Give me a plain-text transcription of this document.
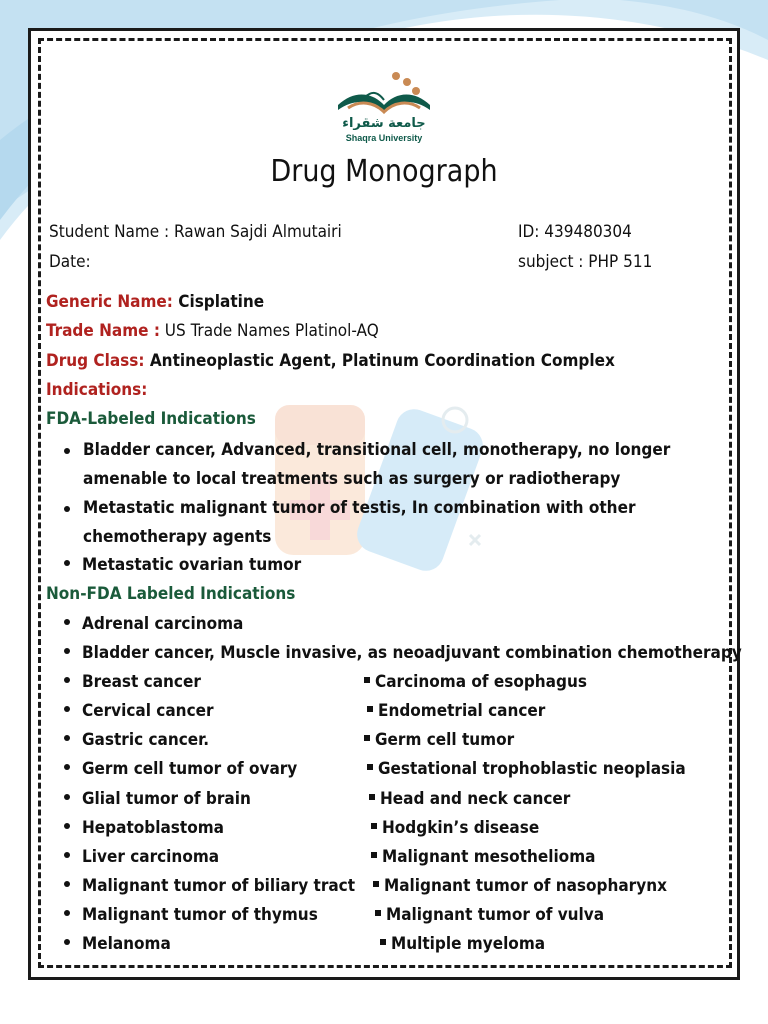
جامعة شقراء
Shaqra University
Drug Monograph
Student Name : Rawan Sajdi Almutairi	ID: 439480304
Date:	subject : PHP 511
Generic Name: Cisplatine
Trade Name : US Trade Names Platinol-AQ
Drug Class: Antineoplastic Agent, Platinum Coordination Complex
Indications:
FDA-Labeled Indications
Bladder cancer, Advanced, transitional cell, monotherapy, no longer amenable to local treatments such as surgery or radiotherapy
Metastatic malignant tumor of testis, In combination with other chemotherapy agents
Metastatic ovarian tumor
Non-FDA Labeled Indications
Adrenal carcinoma
Bladder cancer, Muscle invasive, as neoadjuvant combination chemotherapy
Breast cancer
Cervical cancer
Gastric cancer.
Germ cell tumor of ovary
Glial tumor of brain
Hepatoblastoma
Liver carcinoma
Malignant tumor of biliary tract
Malignant tumor of thymus
Melanoma
Carcinoma of esophagus
Endometrial cancer
Germ cell tumor
Gestational trophoblastic neoplasia
Head and neck cancer
Hodgkin’s disease
Malignant mesothelioma
Malignant tumor of nasopharynx
Malignant tumor of vulva
Multiple myeloma
